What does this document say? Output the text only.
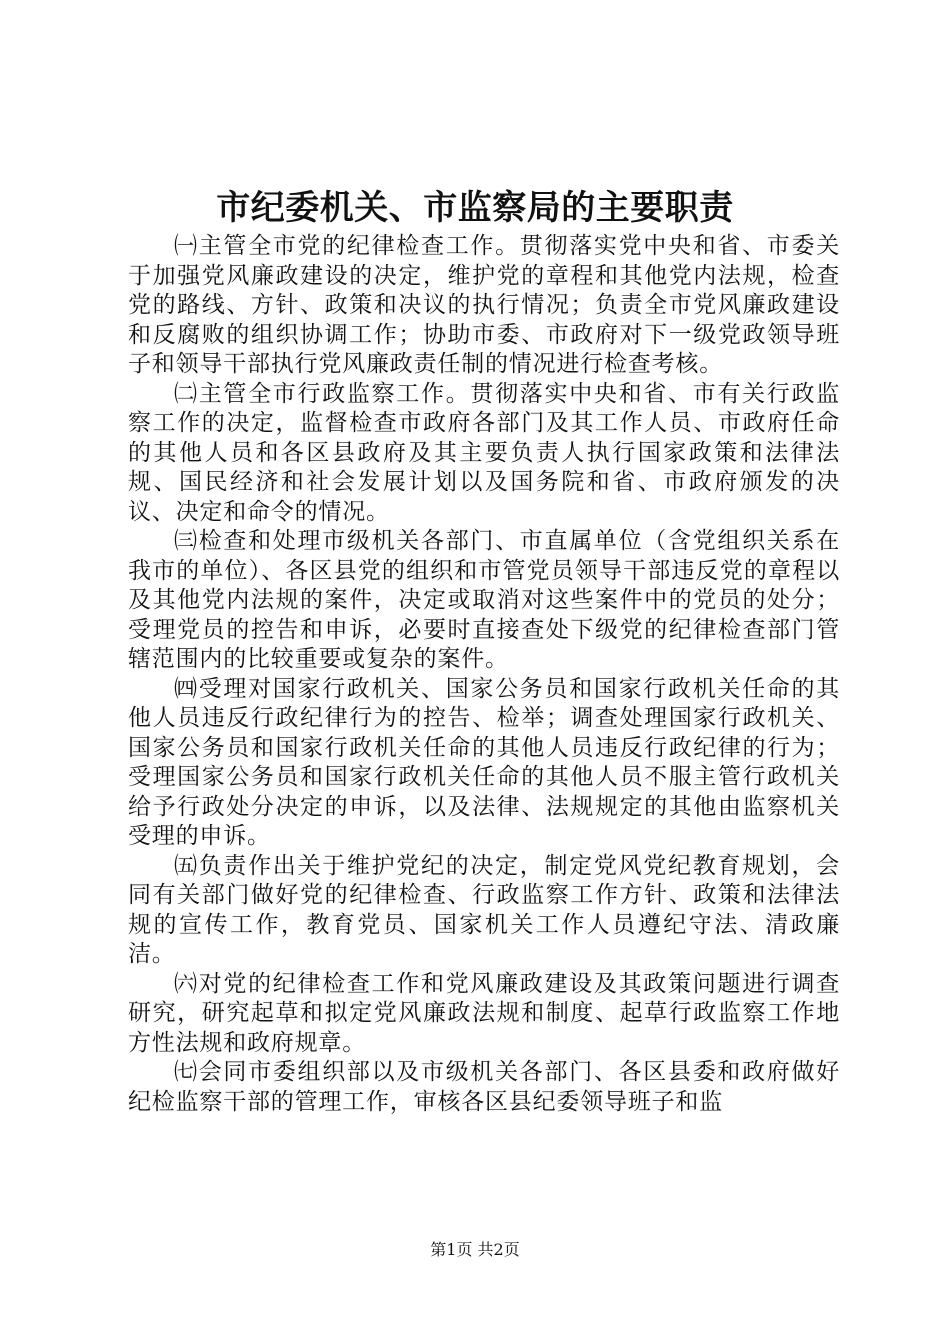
市纪委机关、市监察局的主要职责

㈠主管全市党的纪律检查工作。贯彻落实党中央和省、市委关于加强党风廉政建设的决定，维护党的章程和其他党内法规，检查党的路线、方针、政策和决议的执行情况；负责全市党风廉政建设和反腐败的组织协调工作；协助市委、市政府对下一级党政领导班子和领导干部执行党风廉政责任制的情况进行检查考核。

㈡主管全市行政监察工作。贯彻落实中央和省、市有关行政监察工作的决定，监督检查市政府各部门及其工作人员、市政府任命的其他人员和各区县政府及其主要负责人执行国家政策和法律法规、国民经济和社会发展计划以及国务院和省、市政府颁发的决议、决定和命令的情况。

㈢检查和处理市级机关各部门、市直属单位（含党组织关系在我市的单位）、各区县党的组织和市管党员领导干部违反党的章程以及其他党内法规的案件，决定或取消对这些案件中的党员的处分；受理党员的控告和申诉，必要时直接查处下级党的纪律检查部门管辖范围内的比较重要或复杂的案件。

㈣受理对国家行政机关、国家公务员和国家行政机关任命的其他人员违反行政纪律行为的控告、检举；调查处理国家行政机关、国家公务员和国家行政机关任命的其他人员违反行政纪律的行为；受理国家公务员和国家行政机关任命的其他人员不服主管行政机关给予行政处分决定的申诉，以及法律、法规规定的其他由监察机关受理的申诉。

㈤负责作出关于维护党纪的决定，制定党风党纪教育规划，会同有关部门做好党的纪律检查、行政监察工作方针、政策和法律法规的宣传工作，教育党员、国家机关工作人员遵纪守法、清政廉洁。

㈥对党的纪律检查工作和党风廉政建设及其政策问题进行调查研究，研究起草和拟定党风廉政法规和制度、起草行政监察工作地方性法规和政府规章。

㈦会同市委组织部以及市级机关各部门、各区县委和政府做好纪检监察干部的管理工作，审核各区县纪委领导班子和监

第1页 共2页
